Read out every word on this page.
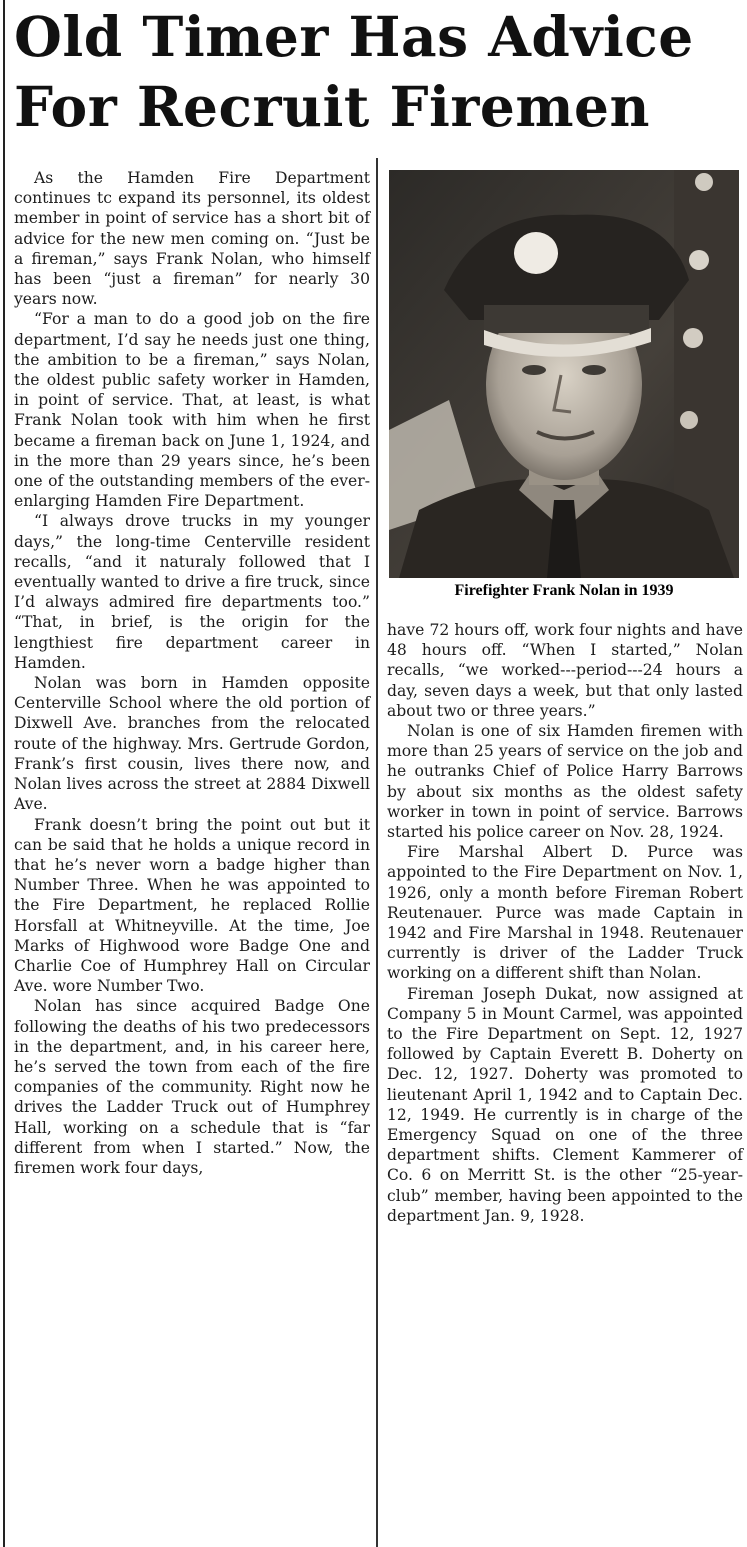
Old Timer Has Advice
For Recruit Firemen

As the Hamden Fire Department continues tc expand its personnel, its oldest member in point of service has a short bit of advice for the new men coming on. “Just be a fireman,” says Frank Nolan, who himself has been “just a fireman” for nearly 30 years now.

“For a man to do a good job on the fire department, I’d say he needs just one thing, the ambition to be a fireman,” says Nolan, the oldest public safety worker in Hamden, in point of service. That, at least, is what Frank Nolan took with him when he first became a fireman back on June 1, 1924, and in the more than 29 years since, he’s been one of the outstanding members of the ever-enlarging Hamden Fire Department.

“I always drove trucks in my younger days,” the long-time Centerville resident recalls, “and it naturaly followed that I eventually wanted to drive a fire truck, since I’d always admired fire departments too.” “That, in brief, is the origin for the lengthiest fire department career in Hamden.

Nolan was born in Hamden opposite Centerville School where the old portion of Dixwell Ave. branches from the relocated route of the highway. Mrs. Gertrude Gordon, Frank’s first cousin, lives there now, and Nolan lives across the street at 2884 Dixwell Ave.

Frank doesn’t bring the point out but it can be said that he holds a unique record in that he’s never worn a badge higher than Number Three. When he was appointed to the Fire Department, he replaced Rollie Horsfall at Whitneyville. At the time, Joe Marks of Highwood wore Badge One and Charlie Coe of Humphrey Hall on Circular Ave. wore Number Two.

Nolan has since acquired Badge One following the deaths of his two predecessors in the department, and, in his career here, he’s served the town from each of the fire companies of the community. Right now he drives the Ladder Truck out of Humphrey Hall, working on a schedule that is “far different from when I started.” Now, the firemen work four days,

Firefighter Frank Nolan in 1939

have 72 hours off, work four nights and have 48 hours off. “When I started,” Nolan recalls, “we worked---period---24 hours a day, seven days a week, but that only lasted about two or three years.”

Nolan is one of six Hamden firemen with more than 25 years of service on the job and he outranks Chief of Police Harry Barrows by about six months as the oldest safety worker in town in point of service. Barrows started his police career on Nov. 28, 1924.

Fire Marshal Albert D. Purce was appointed to the Fire Department on Nov. 1, 1926, only a month before Fireman Robert Reutenauer. Purce was made Captain in 1942 and Fire Marshal in 1948. Reutenauer currently is driver of the Ladder Truck working on a different shift than Nolan.

Fireman Joseph Dukat, now assigned at Company 5 in Mount Carmel, was appointed to the Fire Department on Sept. 12, 1927 followed by Captain Everett B. Doherty on Dec. 12, 1927. Doherty was promoted to lieutenant April 1, 1942 and to Captain Dec. 12, 1949. He currently is in charge of the Emergency Squad on one of the three department shifts. Clement Kammerer of Co. 6 on Merritt St. is the other “25-year-club” member, having been appointed to the department Jan. 9, 1928.
